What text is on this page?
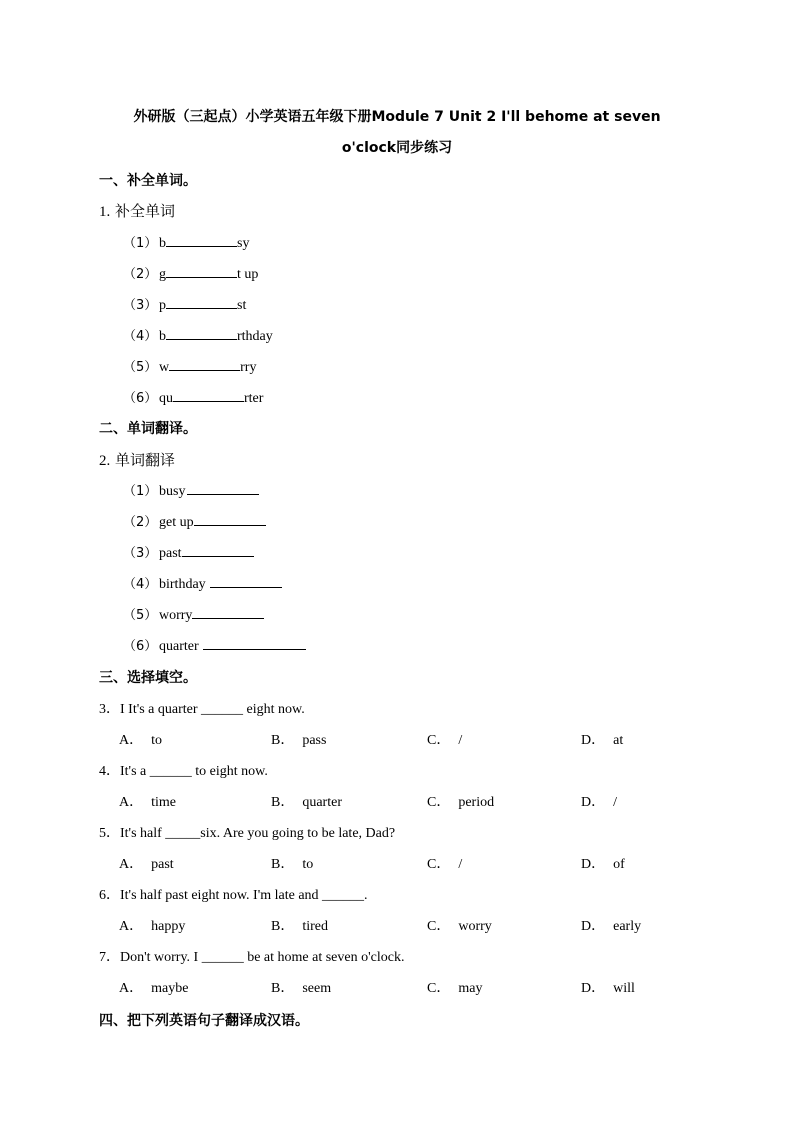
外研版（三起点）小学英语五年级下册Module 7 Unit 2 I'll behome at seven
o'clock同步练习
一、补全单词。
1. 补全单词
（1） b	sy
（2） g	t up
（3） p	st
（4） b	rthday
（5） w	rry
（6） qu	rter
二、单词翻译。
2. 单词翻译
（1） busy
（2） get up
（3） past
（4） birthday
（5） worry
（6） quarter
三、选择填空。
3．I It's a quarter ______ eight now.
A． to	B． pass	C． /	D． at
4．It's a ______ to eight now.
A． time	B． quarter	C． period	D． /
5．It's half _____six. Are you going to be late, Dad?
A． past	B． to	C． /	D． of
6．It's half past eight now. I'm late and ______.
A． happy	B． tired	C． worry	D． early
7．Don't worry. I ______ be at home at seven o'clock.
A． maybe	B． seem	C． may	D． will
四、把下列英语句子翻译成汉语。
